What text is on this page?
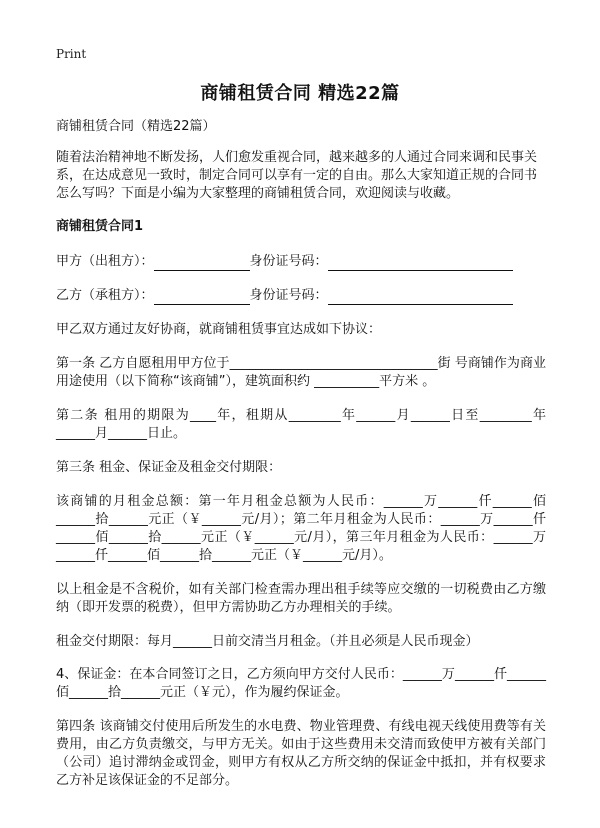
Print
商铺租赁合同 精选22篇

商铺租赁合同（精选22篇）

随着法治精神地不断发扬，人们愈发重视合同，越来越多的人通过合同来调和民事关系，在达成意见一致时，制定合同可以享有一定的自由。那么大家知道正规的合同书怎么写吗？下面是小编为大家整理的商铺租赁合同，欢迎阅读与收藏。

商铺租赁合同1

甲方（出租方）：	身份证号码：

乙方（承租方）：	身份证号码：

甲乙双方通过友好协商，就商铺租赁事宜达成如下协议：

第一条 乙方自愿租用甲方位于________________________________街 号商铺作为商业用途使用（以下简称“该商铺”），建筑面积约 __________平方米 。

第二条 租用的期限为____年，租期从________年______月______日至________年______月______日止。

第三条 租金、保证金及租金交付期限：

该商铺的月租金总额：第一年月租金总额为人民币：______万______仟______佰______拾______元正（￥______元/月）；第二年月租金为人民币：______万______仟______佰______拾______元正（￥______元/月），第三年月租金为人民币：______万______仟______佰______拾______元正（￥______元/月）。

以上租金是不含税价，如有关部门检查需办理出租手续等应交缴的一切税费由乙方缴纳（即开发票的税费），但甲方需协助乙方办理相关的手续。

租金交付期限：每月______日前交清当月租金。（并且必须是人民币现金）

4、保证金：在本合同签订之日，乙方须向甲方交付人民币：______万______仟______佰______拾______元正（￥元），作为履约保证金。

第四条 该商铺交付使用后所发生的水电费、物业管理费、有线电视天线使用费等有关费用，由乙方负责缴交，与甲方无关。如由于这些费用未交清而致使甲方被有关部门（公司）追讨滞纳金或罚金，则甲方有权从乙方所交纳的保证金中抵扣，并有权要求乙方补足该保证金的不足部分。
